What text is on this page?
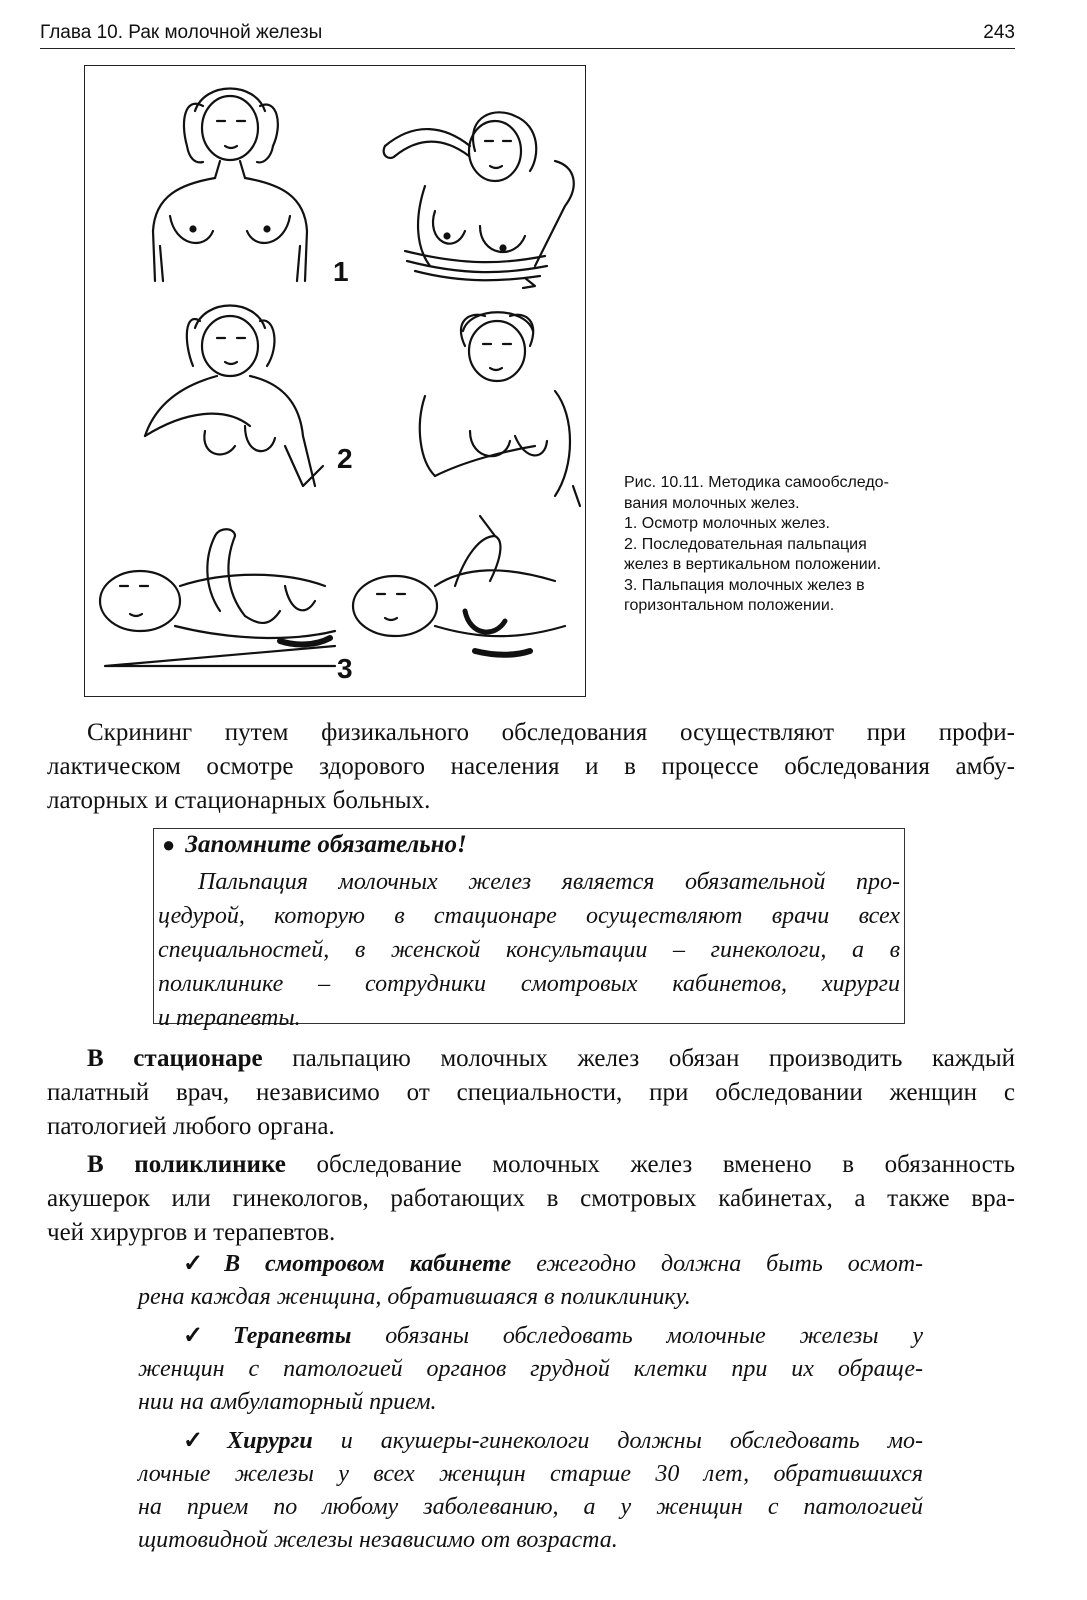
Глава 10. Рак молочной железы	243
1
2
3
Рис. 10.11. Методика самообследо-
вания молочных желез.
1. Осмотр молочных желез.
2. Последовательная пальпация
желез в вертикальном положении.
3. Пальпация молочных желез в
горизонтальном положении.
Скрининг путем физикального обследования осуществляют при профи-
лактическом осмотре здорового населения и в процессе обследования амбу-
латорных и стационарных больных.
● Запомните обязательно!
Пальпация молочных желез является обязательной про-
цедурой, которую в стационаре осуществляют врачи всех
специальностей, в женской консультации – гинекологи, а в
поликлинике – сотрудники смотровых кабинетов, хирурги
и терапевты.
В стационаре пальпацию молочных желез обязан производить каждый
палатный врач, независимо от специальности, при обследовании женщин с
патологией любого органа.
В поликлинике обследование молочных желез вменено в обязанность
акушерок или гинекологов, работающих в смотровых кабинетах, а также вра-
чей хирургов и терапевтов.
✓В смотровом кабинете ежегодно должна быть осмот-
рена каждая женщина, обратившаяся в поликлинику.
✓Терапевты обязаны обследовать молочные железы у
женщин с патологией органов грудной клетки при их обраще-
нии на амбулаторный прием.
✓Хирурги и акушеры-гинекологи должны обследовать мо-
лочные железы у всех женщин старше 30 лет, обратившихся
на прием по любому заболеванию, а у женщин с патологией
щитовидной железы независимо от возраста.
